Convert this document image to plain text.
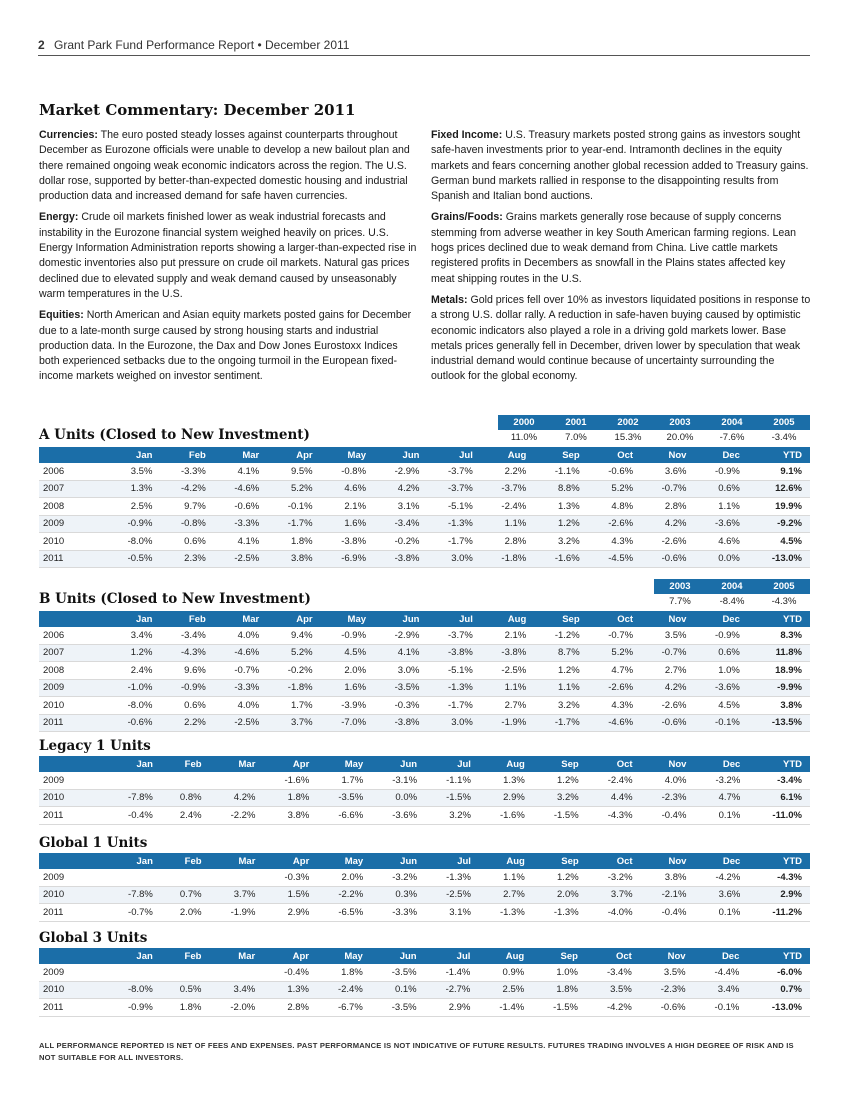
2 Grant Park Fund Performance Report • December 2011
Market Commentary: December 2011

Currencies: The euro posted steady losses against counterparts throughout December as Eurozone officials were unable to develop a new bailout plan and there remained ongoing weak economic indicators across the region. The U.S. dollar rose, supported by better-than-expected domestic housing and industrial production data and increased demand for safe haven currencies.

Energy: Crude oil markets finished lower as weak industrial forecasts and instability in the Eurozone financial system weighed heavily on prices. U.S. Energy Information Administration reports showing a larger-than-expected rise in domestic inventories also put pressure on crude oil markets. Natural gas prices declined due to elevated supply and weak demand caused by unseasonably warm temperatures in the U.S.

Equities: North American and Asian equity markets posted gains for December due to a late-month surge caused by strong housing starts and industrial production data. In the Eurozone, the Dax and Dow Jones Eurostoxx Indices both experienced setbacks due to the ongoing turmoil in the European fixed-income markets weighed on investor sentiment.

Fixed Income: U.S. Treasury markets posted strong gains as investors sought safe-haven investments prior to year-end. Intramonth declines in the equity markets and fears concerning another global recession added to Treasury gains. German bund markets rallied in response to the disappointing results from Spanish and Italian bond auctions.

Grains/Foods: Grains markets generally rose because of supply concerns stemming from adverse weather in key South American farming regions. Lean hogs prices declined due to weak demand from China. Live cattle markets registered profits in Decembers as snowfall in the Plains states affected key meat shipping routes in the U.S.

Metals: Gold prices fell over 10% as investors liquidated positions in response to a strong U.S. dollar rally. A reduction in safe-haven buying caused by optimistic economic indicators also played a role in a driving gold markets lower. Base metals prices generally fell in December, driven lower by speculation that weak industrial demand would continue because of uncertainty surrounding the outlook for the global economy.

A Units (Closed to New Investment)
2000	2001	2002	2003	2004	2005
11.0%	7.0%	15.3%	20.0%	-7.6%	-3.4%
	Jan	Feb	Mar	Apr	May	Jun	Jul	Aug	Sep	Oct	Nov	Dec	YTD
2006	3.5%	-3.3%	4.1%	9.5%	-0.8%	-2.9%	-3.7%	2.2%	-1.1%	-0.6%	3.6%	-0.9%	9.1%
2007	1.3%	-4.2%	-4.6%	5.2%	4.6%	4.2%	-3.7%	-3.7%	8.8%	5.2%	-0.7%	0.6%	12.6%
2008	2.5%	9.7%	-0.6%	-0.1%	2.1%	3.1%	-5.1%	-2.4%	1.3%	4.8%	2.8%	1.1%	19.9%
2009	-0.9%	-0.8%	-3.3%	-1.7%	1.6%	-3.4%	-1.3%	1.1%	1.2%	-2.6%	4.2%	-3.6%	-9.2%
2010	-8.0%	0.6%	4.1%	1.8%	-3.8%	-0.2%	-1.7%	2.8%	3.2%	4.3%	-2.6%	4.6%	4.5%
2011	-0.5%	2.3%	-2.5%	3.8%	-6.9%	-3.8%	3.0%	-1.8%	-1.6%	-4.5%	-0.6%	0.0%	-13.0%
B Units (Closed to New Investment)
2003	2004	2005
7.7%	-8.4%	-4.3%
	Jan	Feb	Mar	Apr	May	Jun	Jul	Aug	Sep	Oct	Nov	Dec	YTD
2006	3.4%	-3.4%	4.0%	9.4%	-0.9%	-2.9%	-3.7%	2.1%	-1.2%	-0.7%	3.5%	-0.9%	8.3%
2007	1.2%	-4.3%	-4.6%	5.2%	4.5%	4.1%	-3.8%	-3.8%	8.7%	5.2%	-0.7%	0.6%	11.8%
2008	2.4%	9.6%	-0.7%	-0.2%	2.0%	3.0%	-5.1%	-2.5%	1.2%	4.7%	2.7%	1.0%	18.9%
2009	-1.0%	-0.9%	-3.3%	-1.8%	1.6%	-3.5%	-1.3%	1.1%	1.1%	-2.6%	4.2%	-3.6%	-9.9%
2010	-8.0%	0.6%	4.0%	1.7%	-3.9%	-0.3%	-1.7%	2.7%	3.2%	4.3%	-2.6%	4.5%	3.8%
2011	-0.6%	2.2%	-2.5%	3.7%	-7.0%	-3.8%	3.0%	-1.9%	-1.7%	-4.6%	-0.6%	-0.1%	-13.5%
Legacy 1 Units
	Jan	Feb	Mar	Apr	May	Jun	Jul	Aug	Sep	Oct	Nov	Dec	YTD
2009				-1.6%	1.7%	-3.1%	-1.1%	1.3%	1.2%	-2.4%	4.0%	-3.2%	-3.4%
2010	-7.8%	0.8%	4.2%	1.8%	-3.5%	0.0%	-1.5%	2.9%	3.2%	4.4%	-2.3%	4.7%	6.1%
2011	-0.4%	2.4%	-2.2%	3.8%	-6.6%	-3.6%	3.2%	-1.6%	-1.5%	-4.3%	-0.4%	0.1%	-11.0%
Global 1 Units
	Jan	Feb	Mar	Apr	May	Jun	Jul	Aug	Sep	Oct	Nov	Dec	YTD
2009				-0.3%	2.0%	-3.2%	-1.3%	1.1%	1.2%	-3.2%	3.8%	-4.2%	-4.3%
2010	-7.8%	0.7%	3.7%	1.5%	-2.2%	0.3%	-2.5%	2.7%	2.0%	3.7%	-2.1%	3.6%	2.9%
2011	-0.7%	2.0%	-1.9%	2.9%	-6.5%	-3.3%	3.1%	-1.3%	-1.3%	-4.0%	-0.4%	0.1%	-11.2%
Global 3 Units
	Jan	Feb	Mar	Apr	May	Jun	Jul	Aug	Sep	Oct	Nov	Dec	YTD
2009				-0.4%	1.8%	-3.5%	-1.4%	0.9%	1.0%	-3.4%	3.5%	-4.4%	-6.0%
2010	-8.0%	0.5%	3.4%	1.3%	-2.4%	0.1%	-2.7%	2.5%	1.8%	3.5%	-2.3%	3.4%	0.7%
2011	-0.9%	1.8%	-2.0%	2.8%	-6.7%	-3.5%	2.9%	-1.4%	-1.5%	-4.2%	-0.6%	-0.1%	-13.0%
ALL PERFORMANCE REPORTED IS NET OF FEES AND EXPENSES. PAST PERFORMANCE IS NOT INDICATIVE OF FUTURE RESULTS. FUTURES TRADING INVOLVES A HIGH DEGREE OF RISK AND IS NOT SUITABLE FOR ALL INVESTORS.
